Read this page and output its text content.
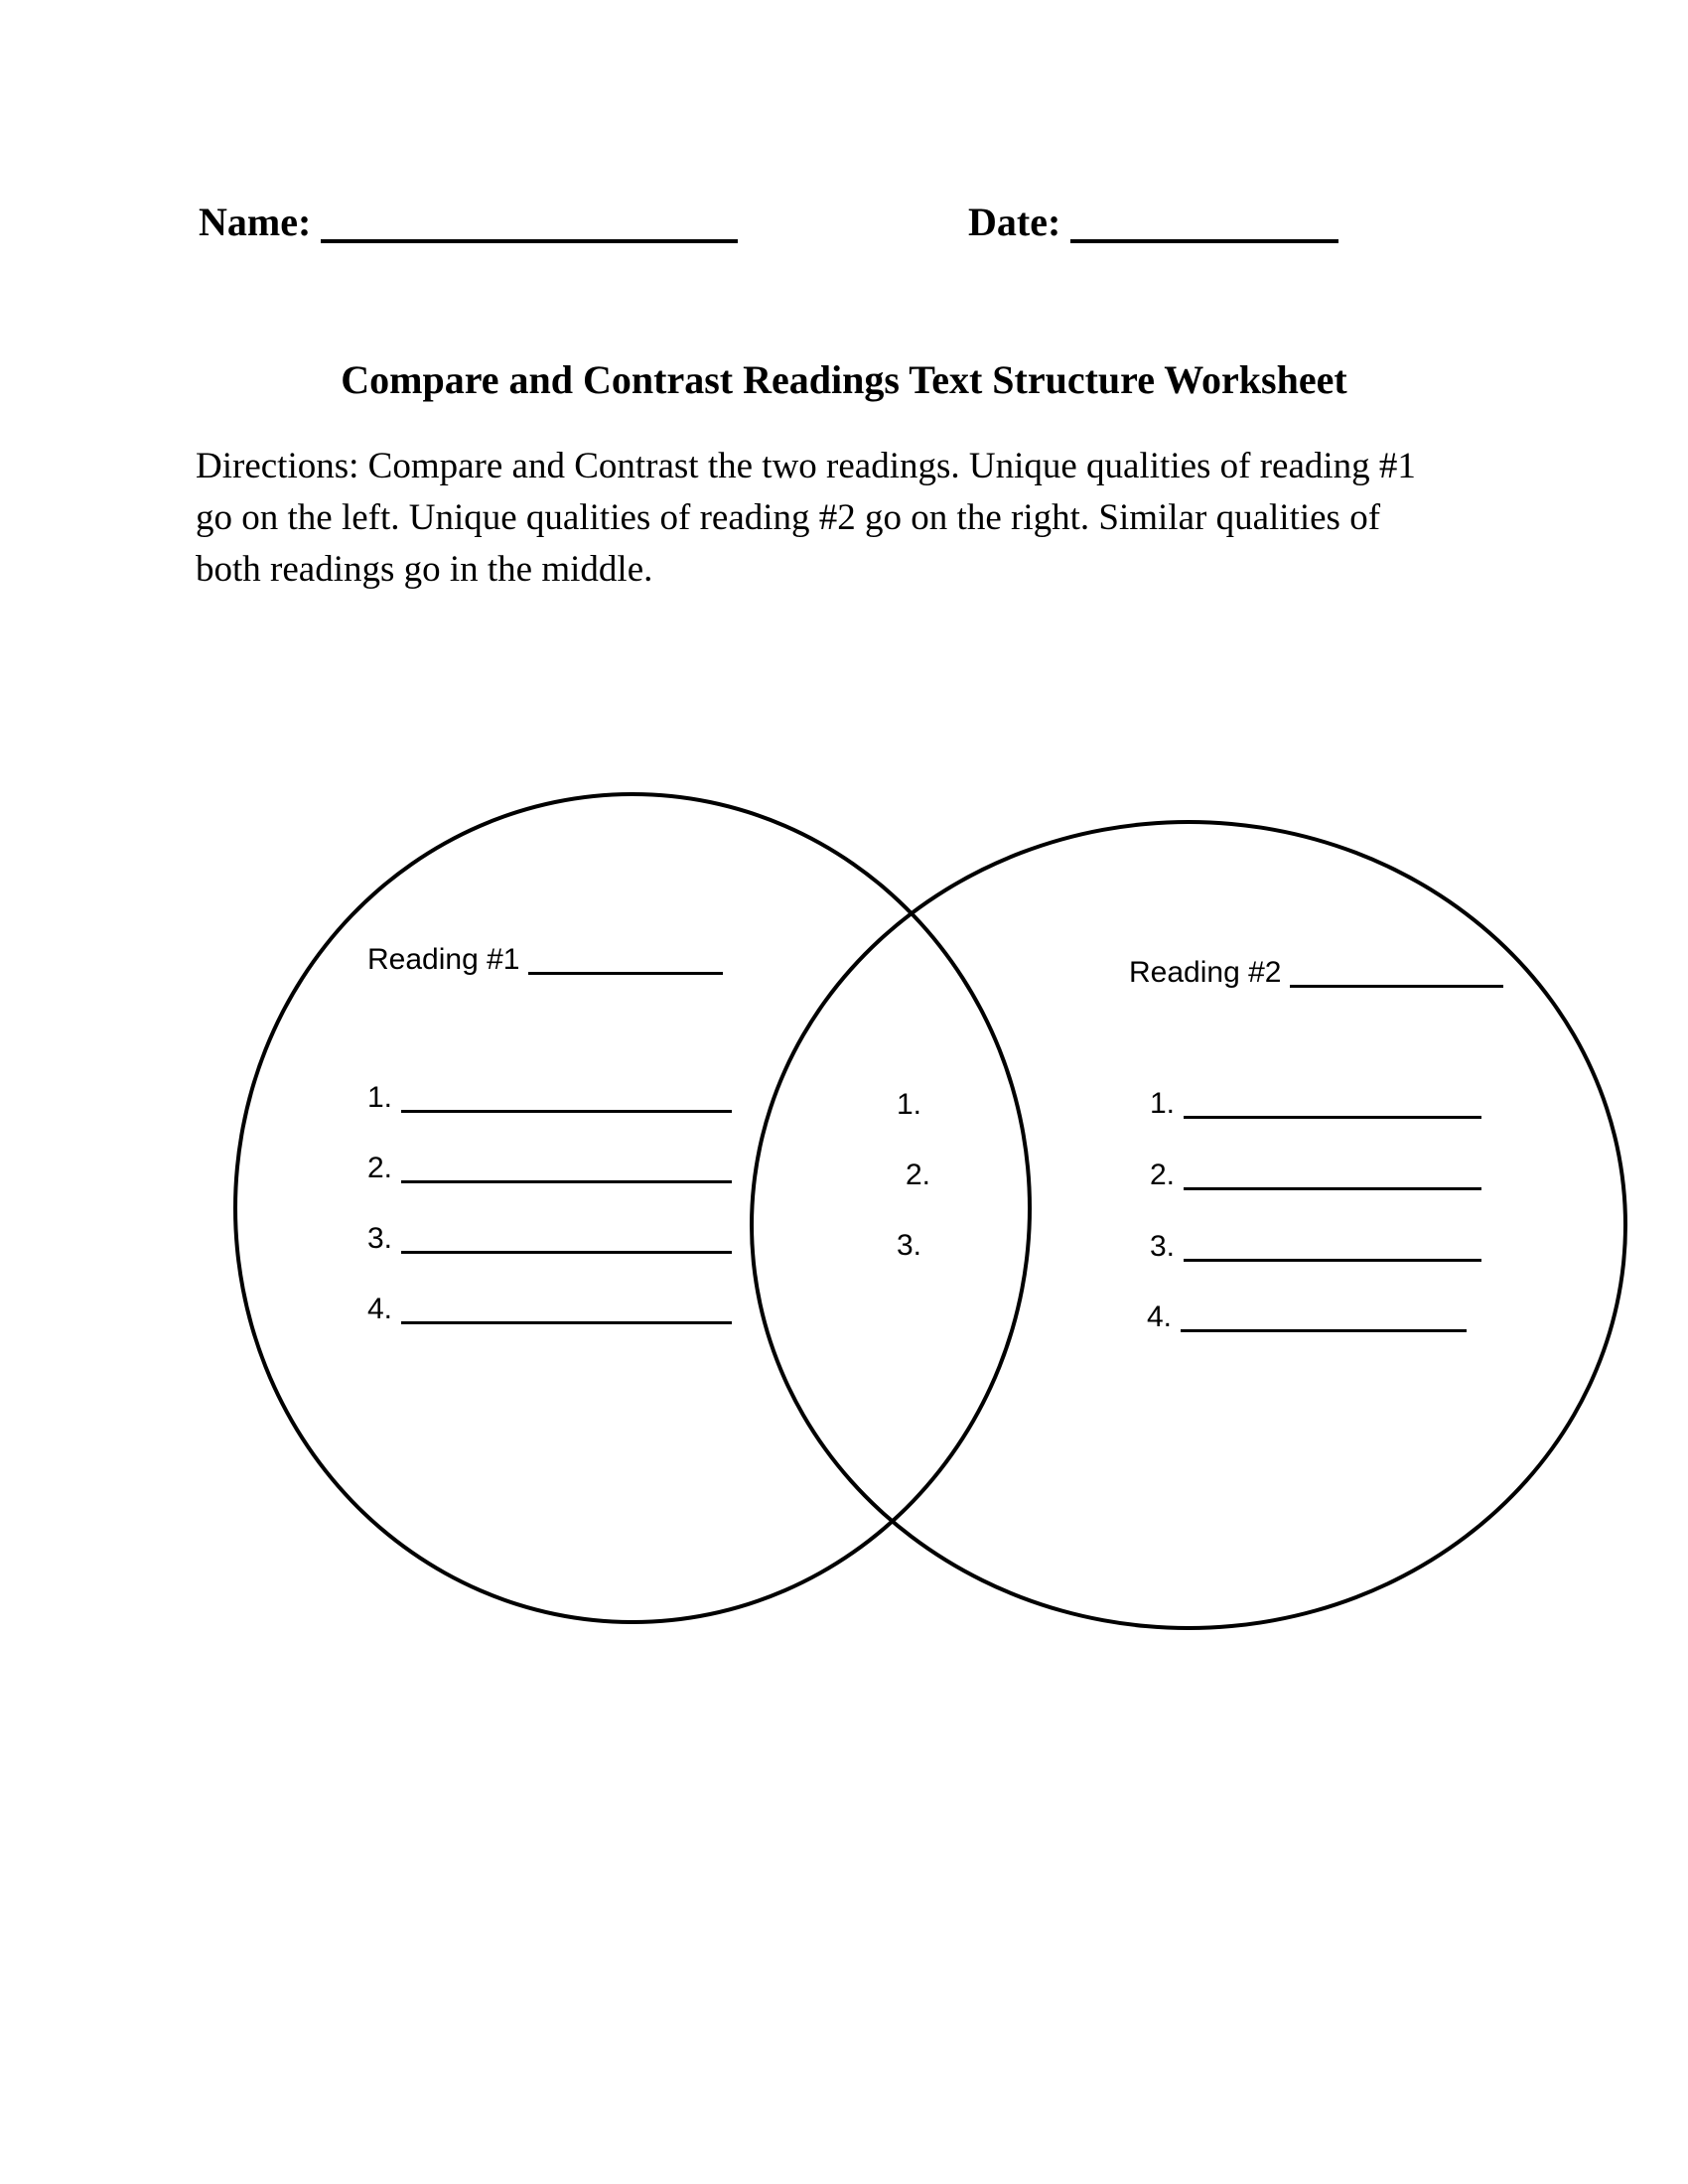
Name:	Date:
Compare and Contrast Readings Text Structure Worksheet
Directions: Compare and Contrast the two readings. Unique qualities of reading #1
go on the left. Unique qualities of reading #2 go on the right. Similar qualities of
both readings go in the middle.
Reading #1	Reading #2
1.
2.
3.
4.
1.
2.
3.
1.
2.
3.
4.
